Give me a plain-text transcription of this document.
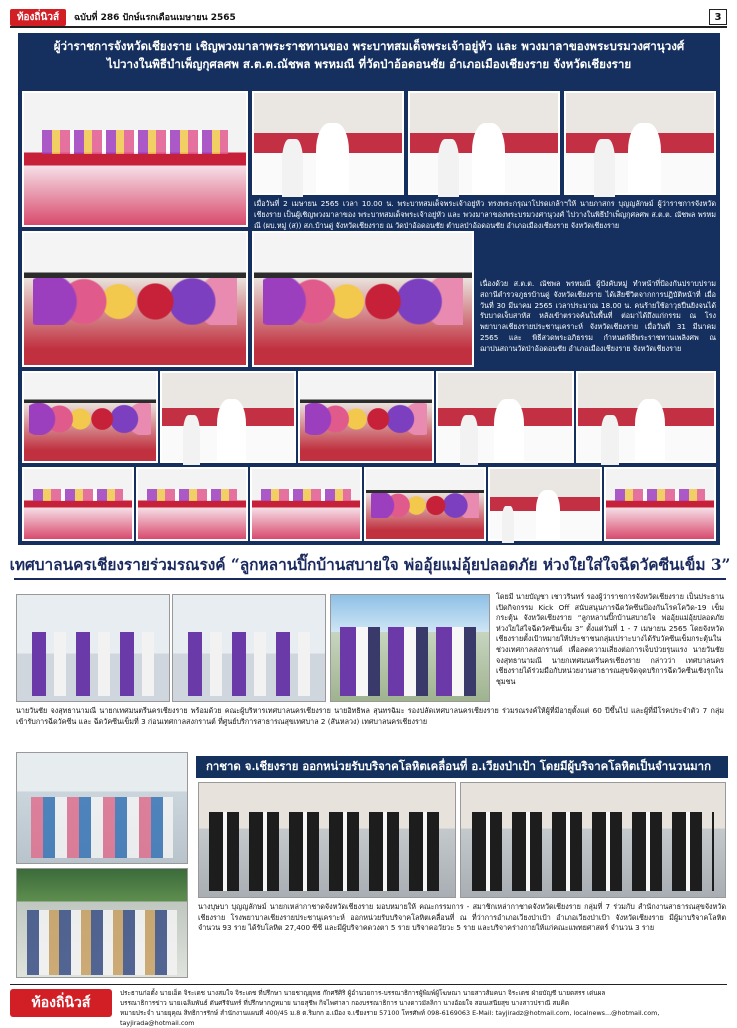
ท้องถิ่นิวส์	ฉบับที่ 286 ปักษ์แรกเดือนเมษายน 2565	3
ผู้ว่าราชการจังหวัดเชียงราย เชิญพวงมาลาพระราชทานของ พระบาทสมเด็จพระเจ้าอยู่หัว และ พวงมาลาของพระบรมวงศานุวงศ์
ไปวางในพิธีบำเพ็ญกุศลศพ ส.ต.ต.ณัชพล พรหมณี ที่วัดป่าอ้อดอนชัย อำเภอเมืองเชียงราย จังหวัดเชียงราย
เมื่อวันที่ 2 เมษายน 2565 เวลา 10.00 น. พระบาทสมเด็จพระเจ้าอยู่หัว ทรงพระกรุณาโปรดเกล้าฯให้ นายภาสกร บุญญลักษม์ ผู้ว่าราชการจังหวัดเชียงราย เป็นผู้เชิญพวงมาลาของ พระบาทสมเด็จพระเจ้าอยู่หัว และ พวงมาลาของพระบรมวงศานุวงศ์ ไปวางในพิธีบำเพ็ญกุศลศพ ส.ต.ต. ณัชพล พรหมณี (ผบ.หมู่ (ส)) สภ.บ้านดู่ จังหวัดเชียงราย ณ วัดป่าอ้อดอนชัย ตำบลป่าอ้อดอนชัย อำเภอเมืองเชียงราย จังหวัดเชียงราย
เนื่องด้วย ส.ต.ต. ณัชพล พรหมณี ผู้บังคับหมู่ ทำหน้าที่ป้องกันปราบปราม สถานีตำรวจภูธรบ้านดู่ จังหวัดเชียงราย ได้เสียชีวิตจากการปฏิบัติหน้าที่ เมื่อวันที่ 30 มีนาคม 2565 เวลาประมาณ 18.00 น. คนร้ายใช้อาวุธปืนยิงจนได้รับบาดเจ็บสาหัส หลังเข้าตรวจค้นในพื้นที่ ต่อมาได้ถึงแก่กรรม ณ โรงพยาบาลเชียงรายประชานุเคราะห์ จังหวัดเชียงราย เมื่อวันที่ 31 มีนาคม 2565 และ พิธีสวดพระอภิธรรม กำหนดพิธีพระราชทานเพลิงศพ ณ ฌาปนสถานวัดป่าอ้อดอนชัย อำเภอเมืองเชียงราย จังหวัดเชียงราย
เทศบาลนครเชียงรายร่วมรณรงค์ “ลูกหลานปิ๊กบ้านสบายใจ พ่ออุ้ยแม่อุ้ยปลอดภัย ห่วงใยใส่ใจฉีดวัคซีนเข็ม 3”
โดยมี นายบัญชา เชาวรินทร์ รองผู้ว่าราชการจังหวัดเชียงราย เป็นประธานเปิดกิจกรรม Kick Off สนับสนุนการฉีดวัคซีนป้องกันโรคโควิด-19 เข็มกระตุ้น จังหวัดเชียงราย “ลูกหลานปิ๊กบ้านสบายใจ พ่ออุ้ยแม่อุ้ยปลอดภัย ห่วงใยใส่ใจฉีดวัคซีนเข็ม 3” ตั้งแต่วันที่ 1 - 7 เมษายน 2565 โดยจังหวัดเชียงรายตั้งเป้าหมายให้ประชาชนกลุ่มเปราะบางได้รับวัคซีนเข็มกระตุ้นในช่วงเทศกาลสงกรานต์ เพื่อลดความเสี่ยงต่อการเจ็บป่วยรุนแรง นายวันชัย จงสุทธานามณี นายกเทศมนตรีนครเชียงราย กล่าวว่า เทศบาลนครเชียงรายได้ร่วมมือกับหน่วยงานสาธารณสุขจัดจุดบริการฉีดวัคซีนเชิงรุกในชุมชน
นายวันชัย จงสุทธานามณี นายกเทศมนตรีนครเชียงราย พร้อมด้วย คณะผู้บริหารเทศบาลนครเชียงราย นายอิทธิพล สุนทรฉิมะ รองปลัดเทศบาลนครเชียงราย ร่วมรณรงค์ให้ผู้ที่มีอายุตั้งแต่ 60 ปีขึ้นไป และผู้ที่มีโรคประจำตัว 7 กลุ่ม เข้ารับการฉีดวัคซีน และ ฉีดวัคซีนเข็มที่ 3 ก่อนเทศกาลสงกรานต์ ที่ศูนย์บริการสาธารณสุขเทศบาล 2 (สันหลวง) เทศบาลนครเชียงราย
กาชาด จ.เชียงราย ออกหน่วยรับบริจาคโลหิตเคลื่อนที่ อ.เวียงป่าเป้า โดยมีผู้บริจาคโลหิตเป็นจำนวนมาก
นางบุษบา บุญญลักษม์ นายกเหล่ากาชาดจังหวัดเชียงราย มอบหมายให้ คณะกรรมการ - สมาชิกเหล่ากาชาดจังหวัดเชียงราย กลุ่มที่ 7 ร่วมกับ สำนักงานสาธารณสุขจังหวัดเชียงราย โรงพยาบาลเชียงรายประชานุเคราะห์ ออกหน่วยรับบริจาคโลหิตเคลื่อนที่ ณ ที่ว่าการอำเภอเวียงป่าเป้า อำเภอเวียงป่าเป้า จังหวัดเชียงราย มีผู้มาบริจาคโลหิต จำนวน 93 ราย ได้รับโลหิต 27,400 ซีซี และมีผู้บริจาคดวงตา 5 ราย บริจาคอวัยวะ 5 ราย และบริจาคร่างกายให้แก่คณะแพทยศาสตร์ จำนวน 3 ราย
ท้องถิ่นิวส์
ประธานก่อตั้ง นายเอ็ด จิระเดช นางสมใจ จิระเดช ที่ปรึกษา นายชาญยุทธ ก๊กศรีศิริ ผู้อำนวยการ-บรรณาธิการผู้พิมพ์ผู้โฆษณา นายสาวส้มคนา จิระเดช ฝ่ายบัญชี นายดสรร เด่นผล
บรรณาธิการข่าว นายเฉลิมพันธ์ ดันศรีจันทร์ ที่ปรึกษากฎหมาย นายสุชีพ กิจไพศาลา กองบรรณาธิการ นางดาวมัลลิกา นางอ้อยใจ สอนเสนียสุข นางสาวปราณี สมคิด
หมายประจำ นายยุคุณ สิทธิการรักษ์ สำนักงานแผนที่ 400/45 ม.8 ต.ริมกก อ.เมือง จ.เชียงราย 57100 โทรศัพท์ 098-6169063 E-Mail: tayjiradz@hotmail.com, localnews...@hotmail.com, tayjirada@hotmail.com
